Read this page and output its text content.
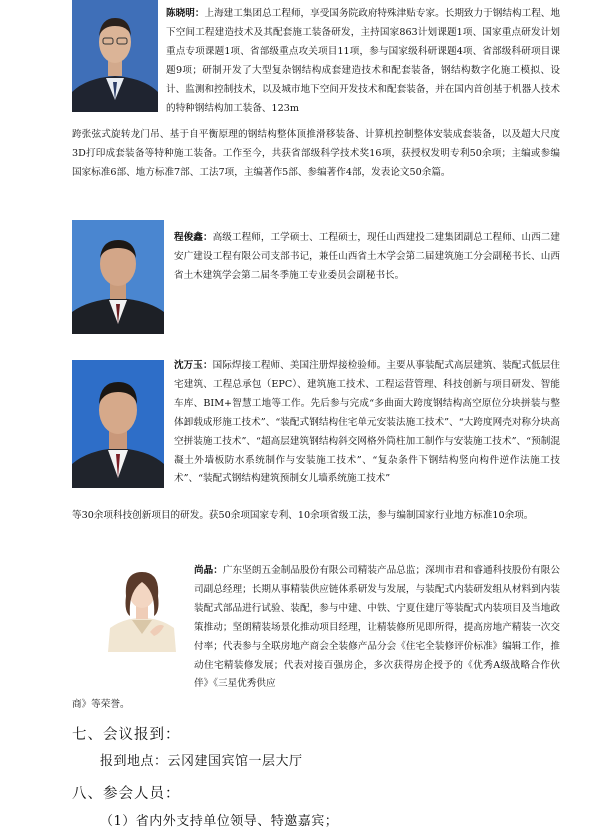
陈晓明：上海建工集团总工程师，享受国务院政府特殊津贴专家。长期致力于钢结构工程、地下空间工程建造技术及其配套施工装备研发，主持国家863计划课题1项、国家重点研发计划重点专项课题1项、省部级重点攻关项目11项，参与国家级科研课题4项、省部级科研项目课题9项；研制开发了大型复杂钢结构成套建造技术和配套装备，钢结构数字化施工模拟、设计、监测和控制技术，以及城市地下空间开发技术和配套装备，并在国内首创基于机器人技术的特种钢结构加工装备、123m
跨张弦式旋转龙门吊、基于自平衡原理的钢结构整体顶推滑移装备、计算机控制整体安装成套装备，以及超大尺度3D打印成套装备等特种施工装备。工作至今，共获省部级科学技术奖16项，获授权发明专利50余项；主编或参编国家标准6部、地方标准7部、工法7项，主编著作5部、参编著作4部，发表论文50余篇。
程俊鑫：高级工程师，工学硕士、工程硕士，现任山西建投二建集团副总工程师、山西二建安广建设工程有限公司支部书记，兼任山西省土木学会第二届建筑施工分会副秘书长、山西省土木建筑学会第二届冬季施工专业委员会副秘书长。
沈万玉：国际焊接工程师、美国注册焊接检验师。主要从事装配式高层建筑、装配式低层住宅建筑、工程总承包（EPC）、建筑施工技术、工程运营管理、科技创新与项目研发、智能车库、BIM+智慧工地等工作。先后参与完成“多曲面大跨度钢结构高空原位分块拼装与整体卸载成形施工技术”、“装配式钢结构住宅单元安装法施工技术”、“大跨度网壳对称分块高空拼装施工技术”、“超高层建筑钢结构斜交网格外筒柱加工制作与安装施工技术”、“预制混凝土外墙板防水系统制作与安装施工技术”、“复杂条件下钢结构竖向构件逆作法施工技术”、“装配式钢结构建筑预制女儿墙系统施工技术”
等30余项科技创新项目的研发。获50余项国家专利、10余项省级工法，参与编制国家行业地方标准10余项。
尚晶：广东坚朗五金制品股份有限公司精装产品总监；深圳市君和睿通科技股份有限公司副总经理；长期从事精装供应链体系研发与发展，与装配式内装研发组从材料到内装装配式部品进行试验、装配，参与中建、中铁、宁夏住建厅等装配式内装项目及当地政策推动；坚朗精装场景化推动项目经理，让精装修所见即所得，提高房地产精装一次交付率；代表参与全联房地产商会全装修产品分会《住宅全装修评价标准》编辑工作，推动住宅精装修发展；代表对接百强房企，多次获得房企授予的《优秀A级战略合作伙伴》《三星优秀供应
商》等荣誉。
七、会议报到：
报到地点：云冈建国宾馆一层大厅
八、参会人员：
（1）省内外支持单位领导、特邀嘉宾；
